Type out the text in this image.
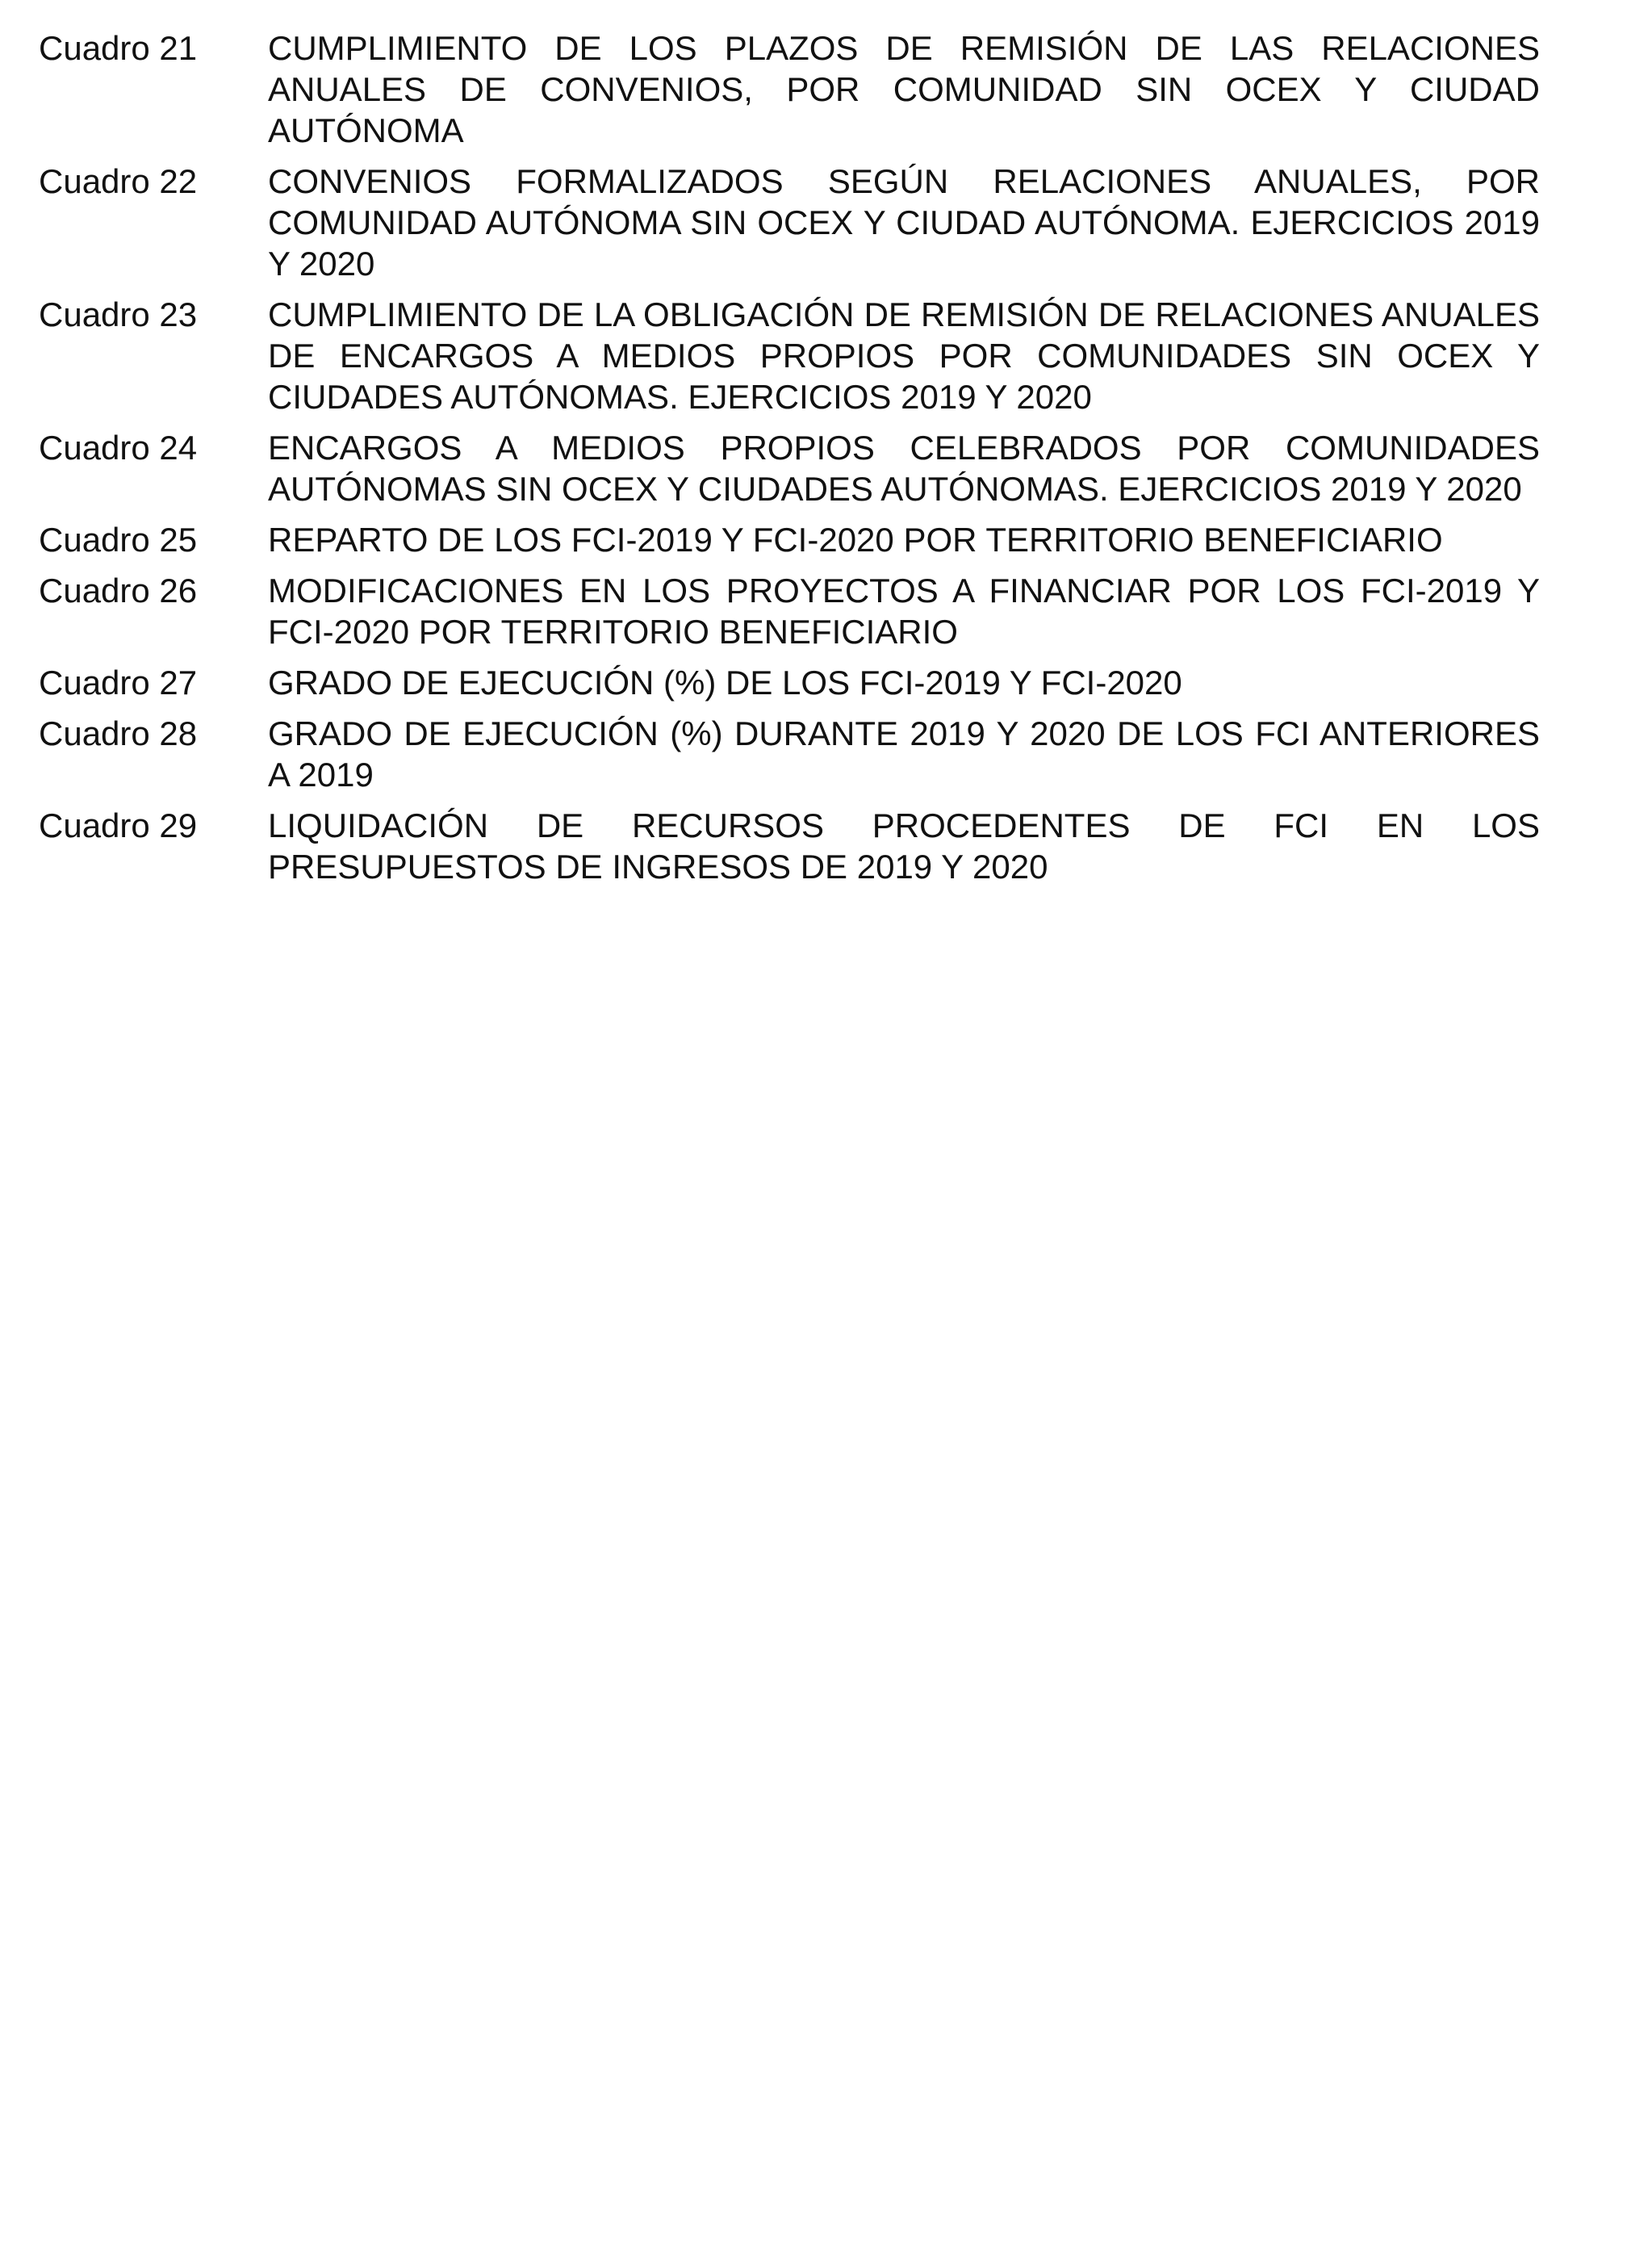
Cuadro 21	CUMPLIMIENTO DE LOS PLAZOS DE REMISIÓN DE LAS RELACIONES ANUALES DE CONVENIOS, POR COMUNIDAD SIN OCEX Y CIUDAD AUTÓNOMA
Cuadro 22	CONVENIOS FORMALIZADOS SEGÚN RELACIONES ANUALES, POR COMUNIDAD AUTÓNOMA SIN OCEX Y CIUDAD AUTÓNOMA. EJERCICIOS 2019 Y 2020
Cuadro 23	CUMPLIMIENTO DE LA OBLIGACIÓN DE REMISIÓN DE RELACIONES ANUALES DE ENCARGOS A MEDIOS PROPIOS POR COMUNIDADES SIN OCEX Y CIUDADES AUTÓNOMAS. EJERCICIOS 2019 Y 2020
Cuadro 24	ENCARGOS A MEDIOS PROPIOS CELEBRADOS POR COMUNIDADES AUTÓNOMAS SIN OCEX Y CIUDADES AUTÓNOMAS. EJERCICIOS 2019 Y 2020
Cuadro 25	REPARTO DE LOS FCI-2019 Y FCI-2020 POR TERRITORIO BENEFICIARIO
Cuadro 26	MODIFICACIONES EN LOS PROYECTOS A FINANCIAR POR LOS FCI-2019 Y FCI-2020 POR TERRITORIO BENEFICIARIO
Cuadro 27	GRADO DE EJECUCIÓN (%) DE LOS FCI-2019 Y FCI-2020
Cuadro 28	GRADO DE EJECUCIÓN (%) DURANTE 2019 Y 2020 DE LOS FCI ANTERIORES A 2019
Cuadro 29	LIQUIDACIÓN DE RECURSOS PROCEDENTES DE FCI EN LOS PRESUPUESTOS DE INGRESOS DE 2019 Y 2020
